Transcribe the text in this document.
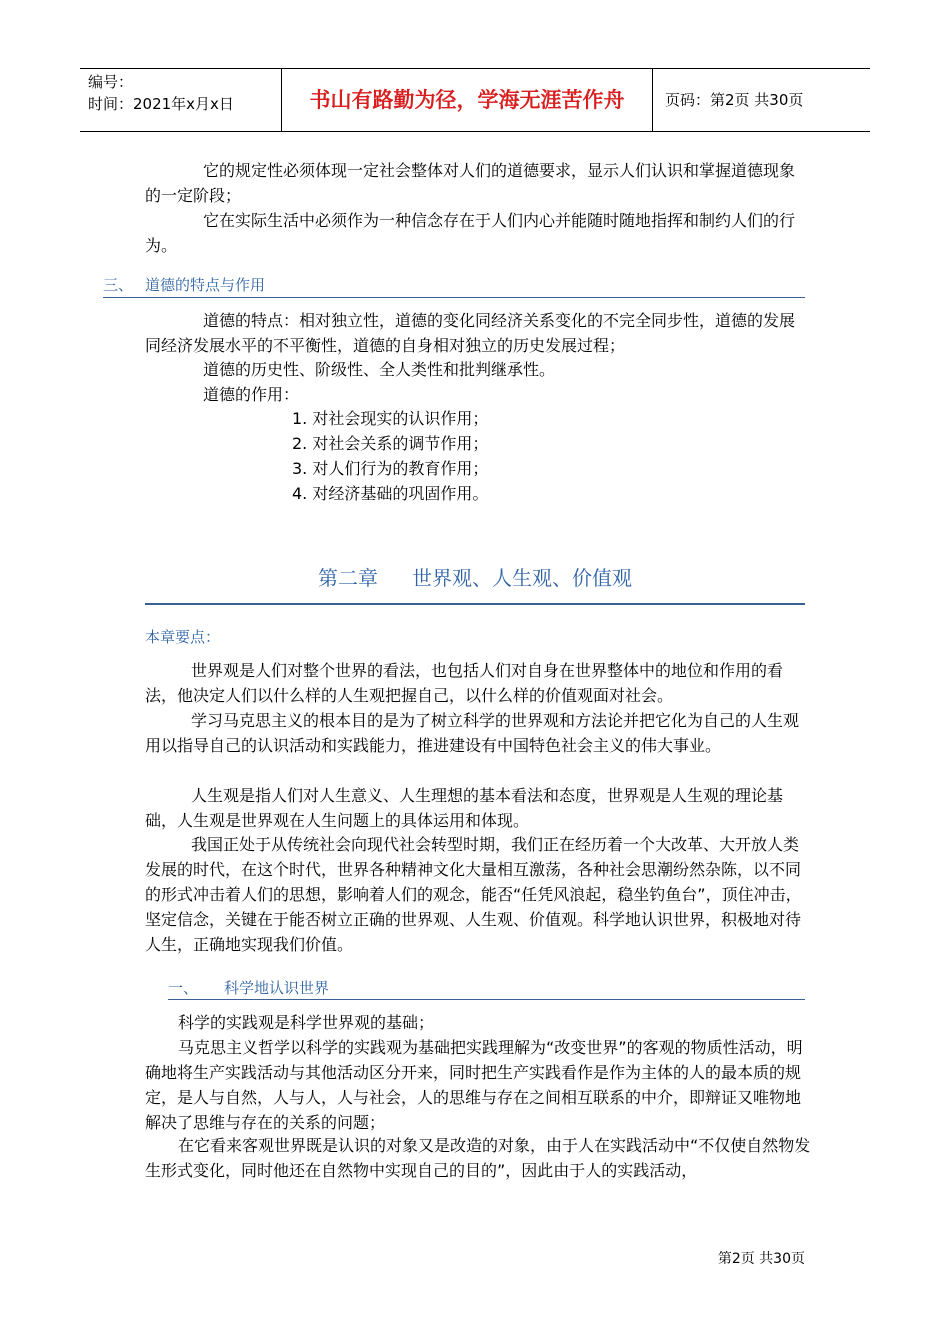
编号：
时间：2021年x月x日	书山有路勤为径，学海无涯苦作舟	页码：第2页 共30页

它的规定性必须体现一定社会整体对人们的道德要求，显示人们认识和掌握道德现象的一定阶段；

它在实际生活中必须作为一种信念存在于人们内心并能随时随地指挥和制约人们的行为。

三、 道德的特点与作用

道德的特点：相对独立性，道德的变化同经济关系变化的不完全同步性，道德的发展同经济发展水平的不平衡性，道德的自身相对独立的历史发展过程；

道德的历史性、阶级性、全人类性和批判继承性。

道德的作用：

1. 对社会现实的认识作用；
2. 对社会关系的调节作用；
3. 对人们行为的教育作用；
4. 对经济基础的巩固作用。
第二章 世界观、人生观、价值观
本章要点：

世界观是人们对整个世界的看法，也包括人们对自身在世界整体中的地位和作用的看法，他决定人们以什么样的人生观把握自己，以什么样的价值观面对社会。

学习马克思主义的根本目的是为了树立科学的世界观和方法论并把它化为自己的人生观用以指导自己的认识活动和实践能力，推进建设有中国特色社会主义的伟大事业。

人生观是指人们对人生意义、人生理想的基本看法和态度，世界观是人生观的理论基础，人生观是世界观在人生问题上的具体运用和体现。

我国正处于从传统社会向现代社会转型时期，我们正在经历着一个大改革、大开放人类发展的时代，在这个时代，世界各种精神文化大量相互激荡，各种社会思潮纷然杂陈，以不同的形式冲击着人们的思想，影响着人们的观念，能否“任凭风浪起，稳坐钓鱼台”，顶住冲击，坚定信念，关键在于能否树立正确的世界观、人生观、价值观。科学地认识世界，积极地对待人生，正确地实现我们价值。

一、 科学地认识世界

科学的实践观是科学世界观的基础；

马克思主义哲学以科学的实践观为基础把实践理解为“改变世界”的客观的物质性活动，明确地将生产实践活动与其他活动区分开来，同时把生产实践看作是作为主体的人的最本质的规定，是人与自然，人与人，人与社会，人的思维与存在之间相互联系的中介，即辩证又唯物地解决了思维与存在的关系的问题；

在它看来客观世界既是认识的对象又是改造的对象，由于人在实践活动中“不仅使自然物发生形式变化，同时他还在自然物中实现自己的目的”，因此由于人的实践活动，

第2页 共30页
